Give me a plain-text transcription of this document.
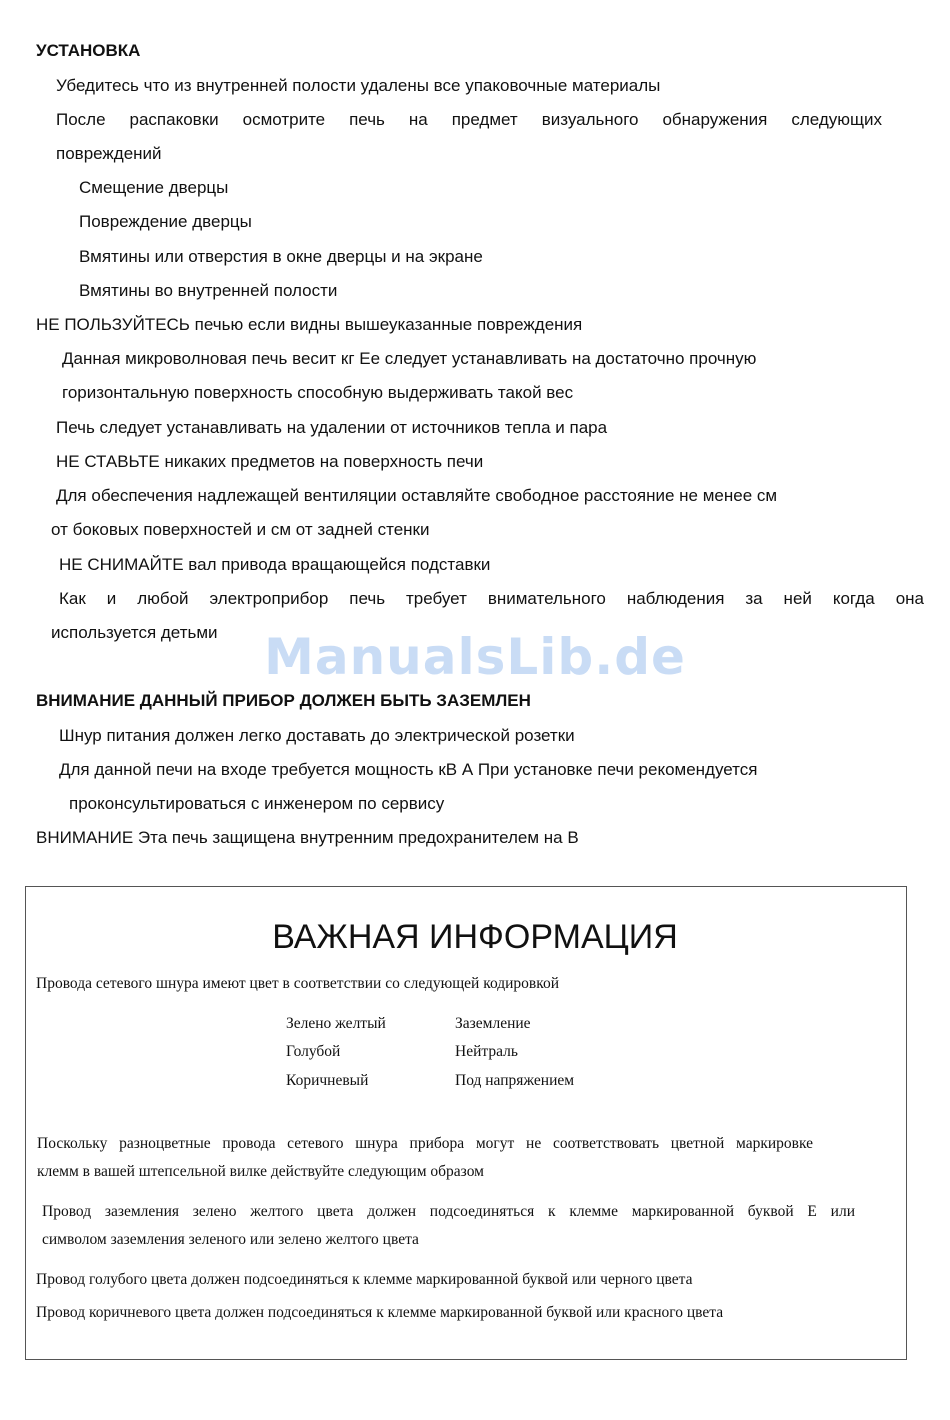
УСТАНОВКА
Убедитесь что из внутренней полости удалены все упаковочные материалы
После распаковки осмотрите печь на предмет визуального обнаружения следующих
повреждений
Смещение дверцы
Повреждение дверцы
Вмятины или отверстия в окне дверцы и на экране
Вмятины во внутренней полости
НЕ ПОЛЬЗУЙТЕСЬ печью если видны вышеуказанные повреждения
Данная микроволновая печь весит кг Ее следует устанавливать на достаточно прочную
горизонтальную поверхность способную выдерживать такой вес
Печь следует устанавливать на удалении от источников тепла и пара
НЕ СТАВЬТЕ никаких предметов на поверхность печи
Для обеспечения надлежащей вентиляции оставляйте свободное расстояние не менее см
от боковых поверхностей и см от задней стенки
НЕ СНИМАЙТЕ вал привода вращающейся подставки
Как и любой электроприбор печь требует внимательного наблюдения за ней когда она
используется детьми ManualsLib.de
ВНИМАНИЕ ДАННЫЙ ПРИБОР ДОЛЖЕН БЫТЬ ЗАЗЕМЛЕН
Шнур питания должен легко доставать до электрической розетки
Для данной печи на входе требуется мощность кВ А При установке печи рекомендуется
проконсультироваться с инженером по сервису
ВНИМАНИЕ Эта печь защищена внутренним предохранителем на В
ВАЖНАЯ ИНФОРМАЦИЯ
Провода сетевого шнура имеют цвет в соответствии со следующей кодировкой
Зелено желтый	Заземление
Голубой	Нейтраль
Коричневый	Под напряжением
Поскольку разноцветные провода сетевого шнура прибора могут не соответствовать цветной маркировке
клемм в вашей штепсельной вилке действуйте следующим образом
Провод заземления зелено желтого цвета должен подсоединяться к клемме маркированной буквой Е или
символом заземления зеленого или зелено желтого цвета
Провод голубого цвета должен подсоединяться к клемме маркированной буквой или черного цвета
Провод коричневого цвета должен подсоединяться к клемме маркированной буквой или красного цвета
